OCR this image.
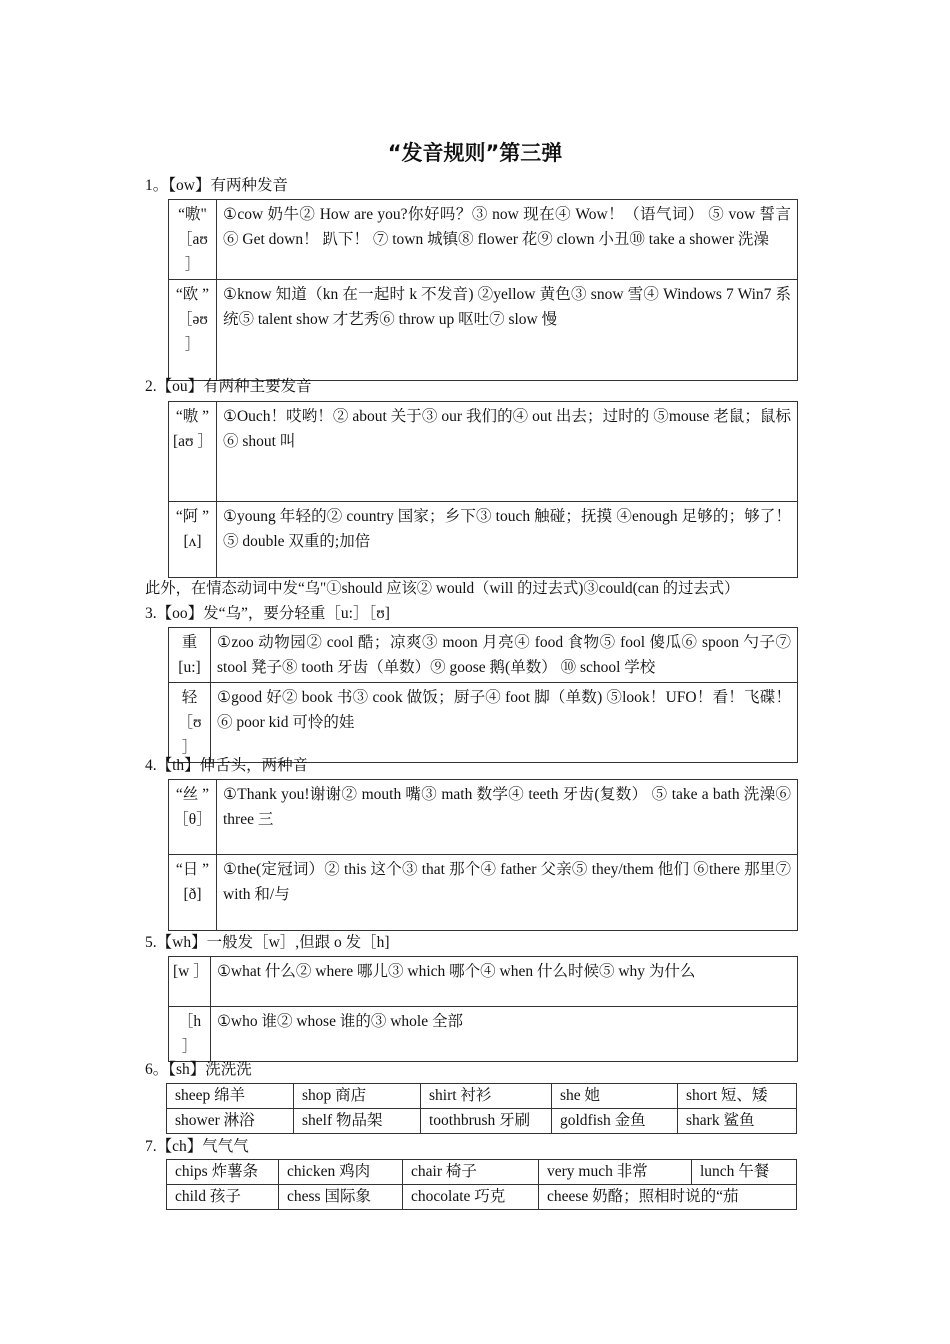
“发音规则”第三弹
1。【ow】有两种发音
“嗷" ［aʊ ］	①cow 奶牛② How are you?你好吗？③ now 现在④ Wow！（语气词） ⑤ vow 誓言⑥ Get down！ 趴下！ ⑦ town 城镇⑧ flower 花⑨ clown 小丑⑩ take a shower 洗澡
“欧 ” ［əʊ ］	①know 知道（kn 在一起时 k 不发音) ②yellow 黄色③ snow 雪④ Windows 7 Win7 系统⑤ talent show 才艺秀⑥ throw up 呕吐⑦ slow 慢
2.【ou】有两种主要发音
“嗷 ” [aʊ ］	①Ouch！哎哟！② about 关于③ our 我们的④ out 出去；过时的 ⑤mouse 老鼠；鼠标⑥ shout 叫
“阿 ” [ʌ]	①young 年轻的② country 国家；乡下③ touch 触碰；抚摸 ④enough 足够的；够了！⑤ double 双重的;加倍
此外，在情态动词中发“乌"①should 应该② would（will 的过去式)③could(can 的过去式）
3.【oo】发“乌”，要分轻重［u:］［ʊ]
重 [u:]	①zoo 动物园② cool 酷；凉爽③ moon 月亮④ food 食物⑤ fool 傻瓜⑥ spoon 勺子⑦ stool 凳子⑧ tooth 牙齿（单数）⑨ goose 鹅(单数） ⑩ school 学校
轻 ［ʊ ］	①good 好② book 书③ cook 做饭；厨子④ foot 脚（单数) ⑤look！UFO！看！飞碟！⑥ poor kid 可怜的娃
4.【th】伸舌头，两种音
“丝 ” ［θ］	①Thank you!谢谢② mouth 嘴③ math 数学④ teeth 牙齿(复数） ⑤ take a bath 洗澡⑥ three 三
“日 ” [ð]	①the(定冠词）② this 这个③ that 那个④ father 父亲⑤ they/them 他们 ⑥there 那里⑦ with 和/与
5.【wh】一般发［w］,但跟 o 发［h]
[w ］	①what 什么② where 哪儿③ which 哪个④ when 什么时候⑤ why 为什么
［h ］	①who 谁② whose 谁的③ whole 全部
6。【sh】洗洗洗
sheep 绵羊	shop 商店	shirt 衬衫	she 她	short 短、矮
shower 淋浴	shelf 物品架	toothbrush 牙刷	goldfish 金鱼	shark 鲨鱼
7.【ch】气气气
chips 炸薯条	chicken 鸡肉	chair 椅子	very much 非常	lunch 午餐
child 孩子	chess 国际象	chocolate 巧克	cheese 奶酪；照相时说的“茄	
